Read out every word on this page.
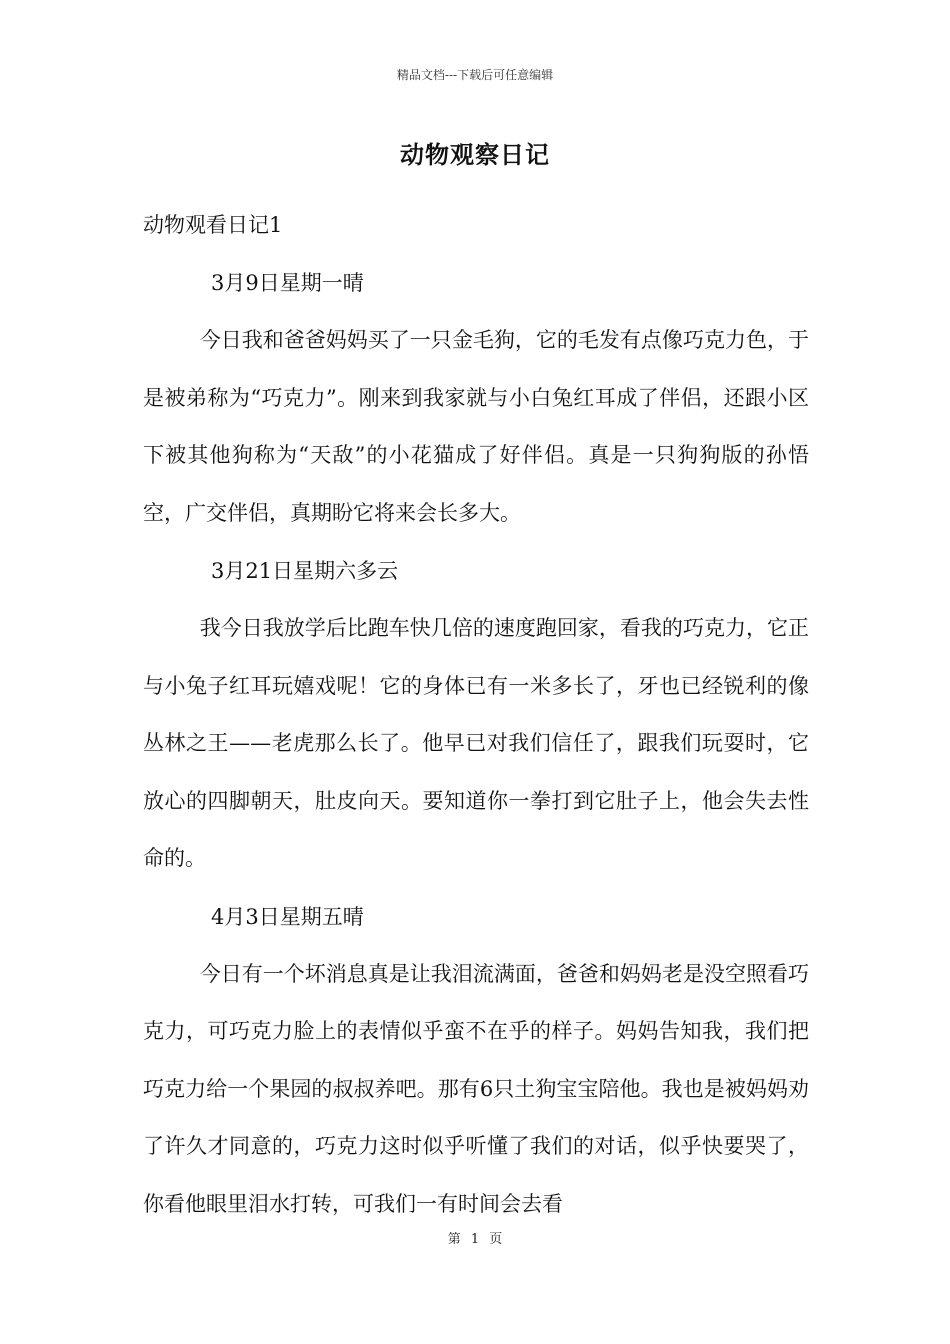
精品文档---下载后可任意编辑
动物观察日记

动物观看日记1

3月9日星期一晴

今日我和爸爸妈妈买了一只金毛狗，它的毛发有点像巧克力色，于是被弟称为“巧克力”。刚来到我家就与小白兔红耳成了伴侣，还跟小区下被其他狗称为“天敌”的小花猫成了好伴侣。真是一只狗狗版的孙悟空，广交伴侣，真期盼它将来会长多大。

3月21日星期六多云

我今日我放学后比跑车快几倍的速度跑回家，看我的巧克力，它正与小兔子红耳玩嬉戏呢！它的身体已有一米多长了，牙也已经锐利的像丛林之王——老虎那么长了。他早已对我们信任了，跟我们玩耍时，它放心的四脚朝天，肚皮向天。要知道你一拳打到它肚子上，他会失去性命的。

4月3日星期五晴

今日有一个坏消息真是让我泪流满面，爸爸和妈妈老是没空照看巧克力，可巧克力脸上的表情似乎蛮不在乎的样子。妈妈告知我，我们把巧克力给一个果园的叔叔养吧。那有6只土狗宝宝陪他。我也是被妈妈劝了许久才同意的，巧克力这时似乎听懂了我们的对话，似乎快要哭了，你看他眼里泪水打转，可我们一有时间会去看

第 1 页
